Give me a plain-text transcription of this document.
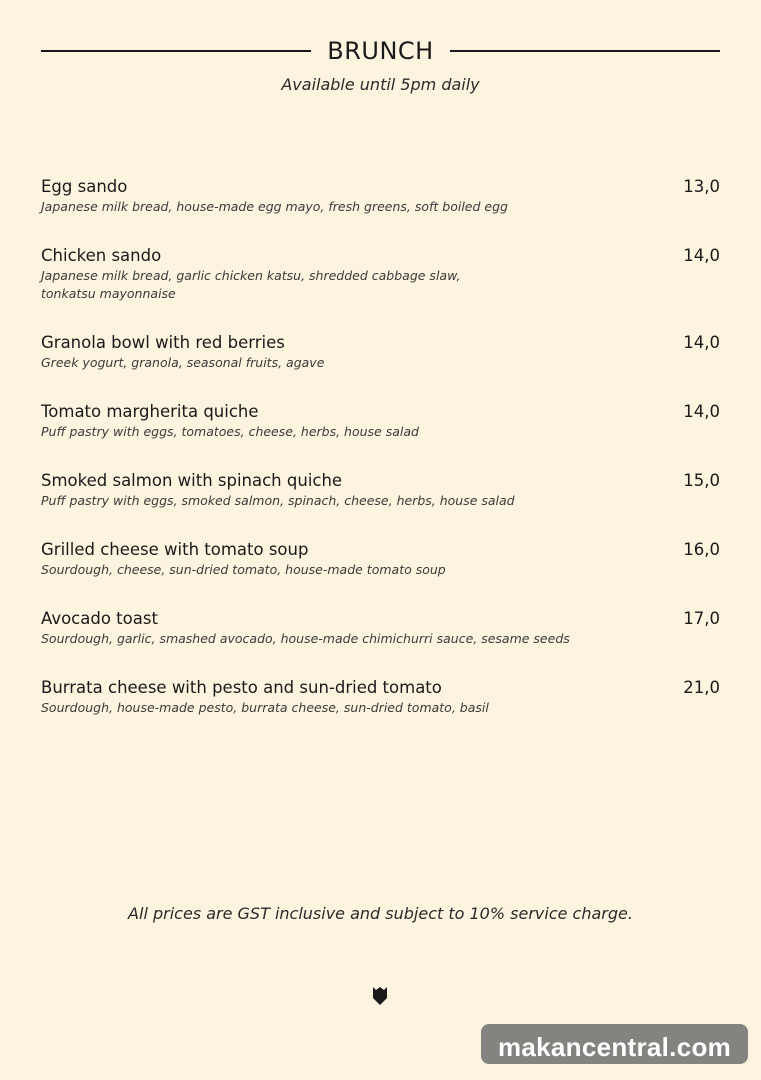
BRUNCH

Available until 5pm daily

Egg sando
Japanese milk bread, house-made egg mayo, fresh greens, soft boiled egg
13,0
Chicken sando
Japanese milk bread, garlic chicken katsu, shredded cabbage slaw, tonkatsu mayonnaise
14,0
Granola bowl with red berries
Greek yogurt, granola, seasonal fruits, agave
14,0
Tomato margherita quiche
Puff pastry with eggs, tomatoes, cheese, herbs, house salad
14,0
Smoked salmon with spinach quiche
Puff pastry with eggs, smoked salmon, spinach, cheese, herbs, house salad
15,0
Grilled cheese with tomato soup
Sourdough, cheese, sun-dried tomato, house-made tomato soup
16,0
Avocado toast
Sourdough, garlic, smashed avocado, house-made chimichurri sauce, sesame seeds
17,0
Burrata cheese with pesto and sun-dried tomato
Sourdough, house-made pesto, burrata cheese, sun-dried tomato, basil
21,0

All prices are GST inclusive and subject to 10% service charge.

makancentral.com
